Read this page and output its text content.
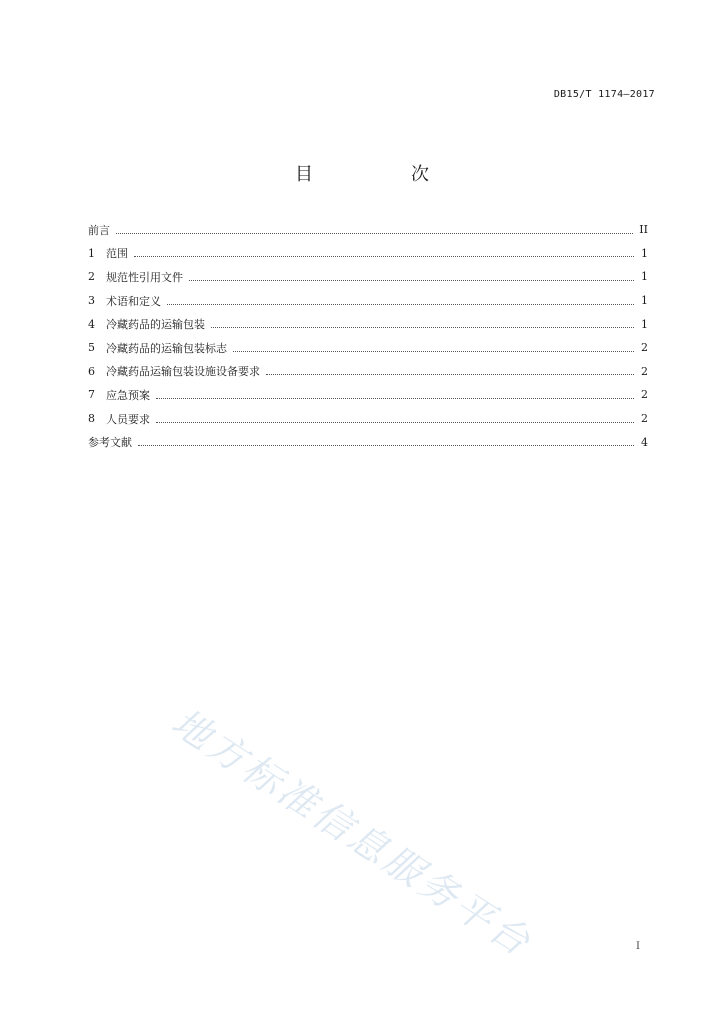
DB15/T 1174—2017
目　次
前言	II
1	范围	1
2	规范性引用文件	1
3	术语和定义	1
4	冷藏药品的运输包装	1
5	冷藏药品的运输包装标志	2
6	冷藏药品运输包装设施设备要求	2
7	应急预案	2
8	人员要求	2
参考文献	4
地方标准信息服务平台	I
